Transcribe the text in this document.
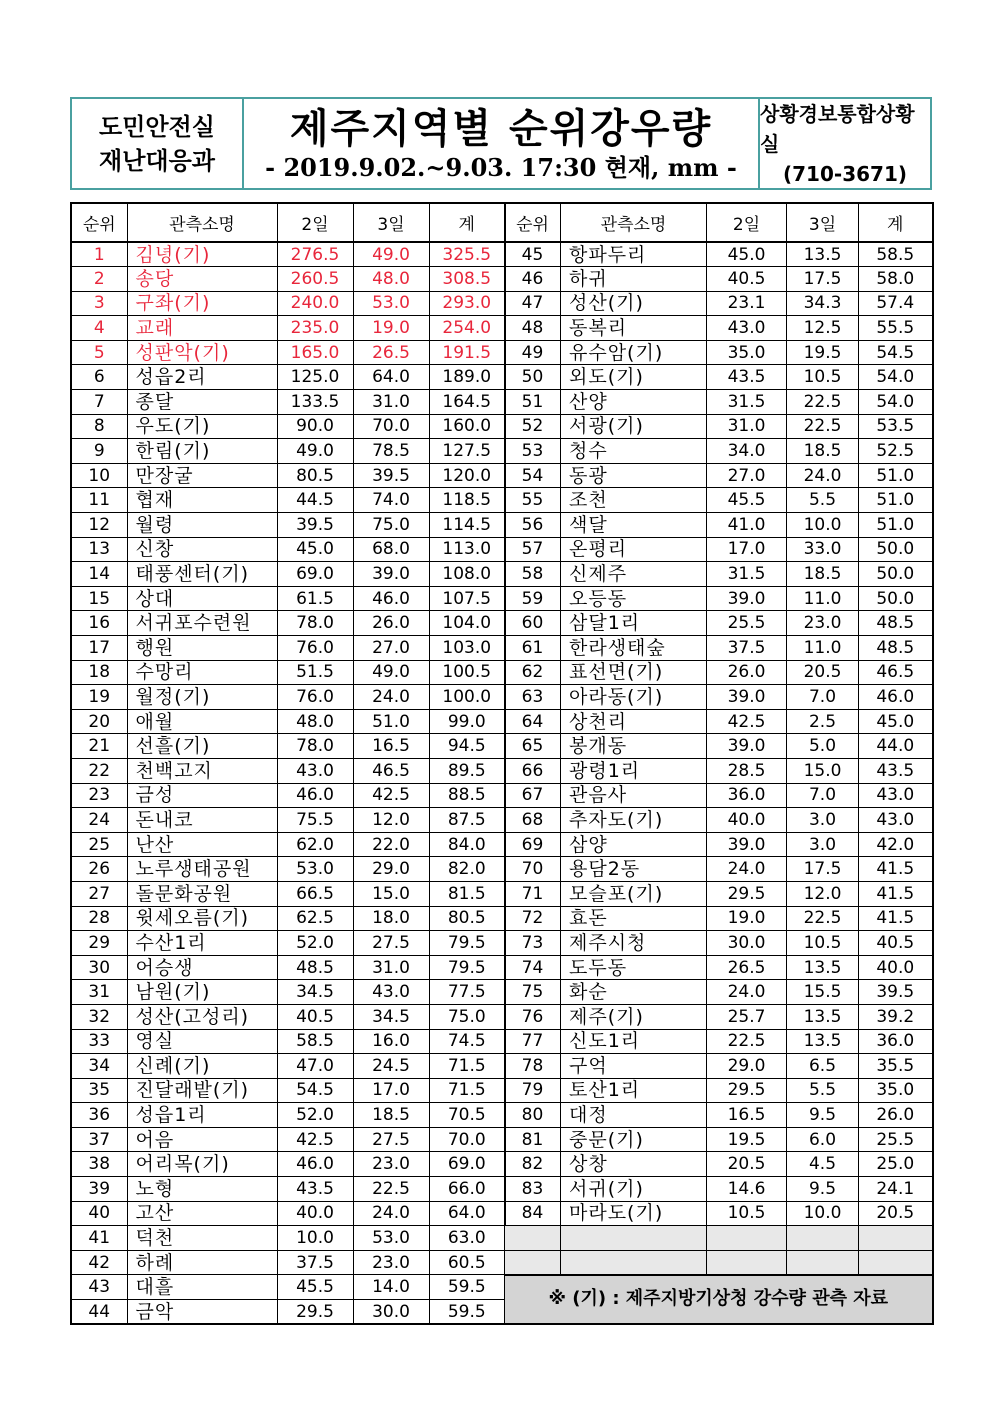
도민안전실
재난대응과
제주지역별 순위강우량
- 2019.9.02.~9.03. 17:30 현재, mm -
상황경보통합상황실
(710-3671)
순위	관측소명	2일	3일	계
1	김녕(기)	276.5	49.0	325.5
2	송당	260.5	48.0	308.5
3	구좌(기)	240.0	53.0	293.0
4	교래	235.0	19.0	254.0
5	성판악(기)	165.0	26.5	191.5
6	성읍2리	125.0	64.0	189.0
7	종달	133.5	31.0	164.5
8	우도(기)	90.0	70.0	160.0
9	한림(기)	49.0	78.5	127.5
10	만장굴	80.5	39.5	120.0
11	협재	44.5	74.0	118.5
12	월령	39.5	75.0	114.5
13	신창	45.0	68.0	113.0
14	태풍센터(기)	69.0	39.0	108.0
15	상대	61.5	46.0	107.5
16	서귀포수련원	78.0	26.0	104.0
17	행원	76.0	27.0	103.0
18	수망리	51.5	49.0	100.5
19	월정(기)	76.0	24.0	100.0
20	애월	48.0	51.0	99.0
21	선흘(기)	78.0	16.5	94.5
22	천백고지	43.0	46.5	89.5
23	금성	46.0	42.5	88.5
24	돈내코	75.5	12.0	87.5
25	난산	62.0	22.0	84.0
26	노루생태공원	53.0	29.0	82.0
27	돌문화공원	66.5	15.0	81.5
28	윗세오름(기)	62.5	18.0	80.5
29	수산1리	52.0	27.5	79.5
30	어승생	48.5	31.0	79.5
31	남원(기)	34.5	43.0	77.5
32	성산(고성리)	40.5	34.5	75.0
33	영실	58.5	16.0	74.5
34	신례(기)	47.0	24.5	71.5
35	진달래밭(기)	54.5	17.0	71.5
36	성읍1리	52.0	18.5	70.5
37	어음	42.5	27.5	70.0
38	어리목(기)	46.0	23.0	69.0
39	노형	43.5	22.5	66.0
40	고산	40.0	24.0	64.0
41	덕천	10.0	53.0	63.0
42	하례	37.5	23.0	60.5
43	대흘	45.5	14.0	59.5
44	금악	29.5	30.0	59.5
순위	관측소명	2일	3일	계
45	항파두리	45.0	13.5	58.5
46	하귀	40.5	17.5	58.0
47	성산(기)	23.1	34.3	57.4
48	동복리	43.0	12.5	55.5
49	유수암(기)	35.0	19.5	54.5
50	외도(기)	43.5	10.5	54.0
51	산양	31.5	22.5	54.0
52	서광(기)	31.0	22.5	53.5
53	청수	34.0	18.5	52.5
54	동광	27.0	24.0	51.0
55	조천	45.5	5.5	51.0
56	색달	41.0	10.0	51.0
57	온평리	17.0	33.0	50.0
58	신제주	31.5	18.5	50.0
59	오등동	39.0	11.0	50.0
60	삼달1리	25.5	23.0	48.5
61	한라생태숲	37.5	11.0	48.5
62	표선면(기)	26.0	20.5	46.5
63	아라동(기)	39.0	7.0	46.0
64	상천리	42.5	2.5	45.0
65	봉개동	39.0	5.0	44.0
66	광령1리	28.5	15.0	43.5
67	관음사	36.0	7.0	43.0
68	추자도(기)	40.0	3.0	43.0
69	삼양	39.0	3.0	42.0
70	용담2동	24.0	17.5	41.5
71	모슬포(기)	29.5	12.0	41.5
72	효돈	19.0	22.5	41.5
73	제주시청	30.0	10.5	40.5
74	도두동	26.5	13.5	40.0
75	화순	24.0	15.5	39.5
76	제주(기)	25.7	13.5	39.2
77	신도1리	22.5	13.5	36.0
78	구억	29.0	6.5	35.5
79	토산1리	29.5	5.5	35.0
80	대정	16.5	9.5	26.0
81	중문(기)	19.5	6.0	25.5
82	상창	20.5	4.5	25.0
83	서귀(기)	14.6	9.5	24.1
84	마라도(기)	10.5	10.0	20.5

※ (기) : 제주지방기상청 강수량 관측 자료				
